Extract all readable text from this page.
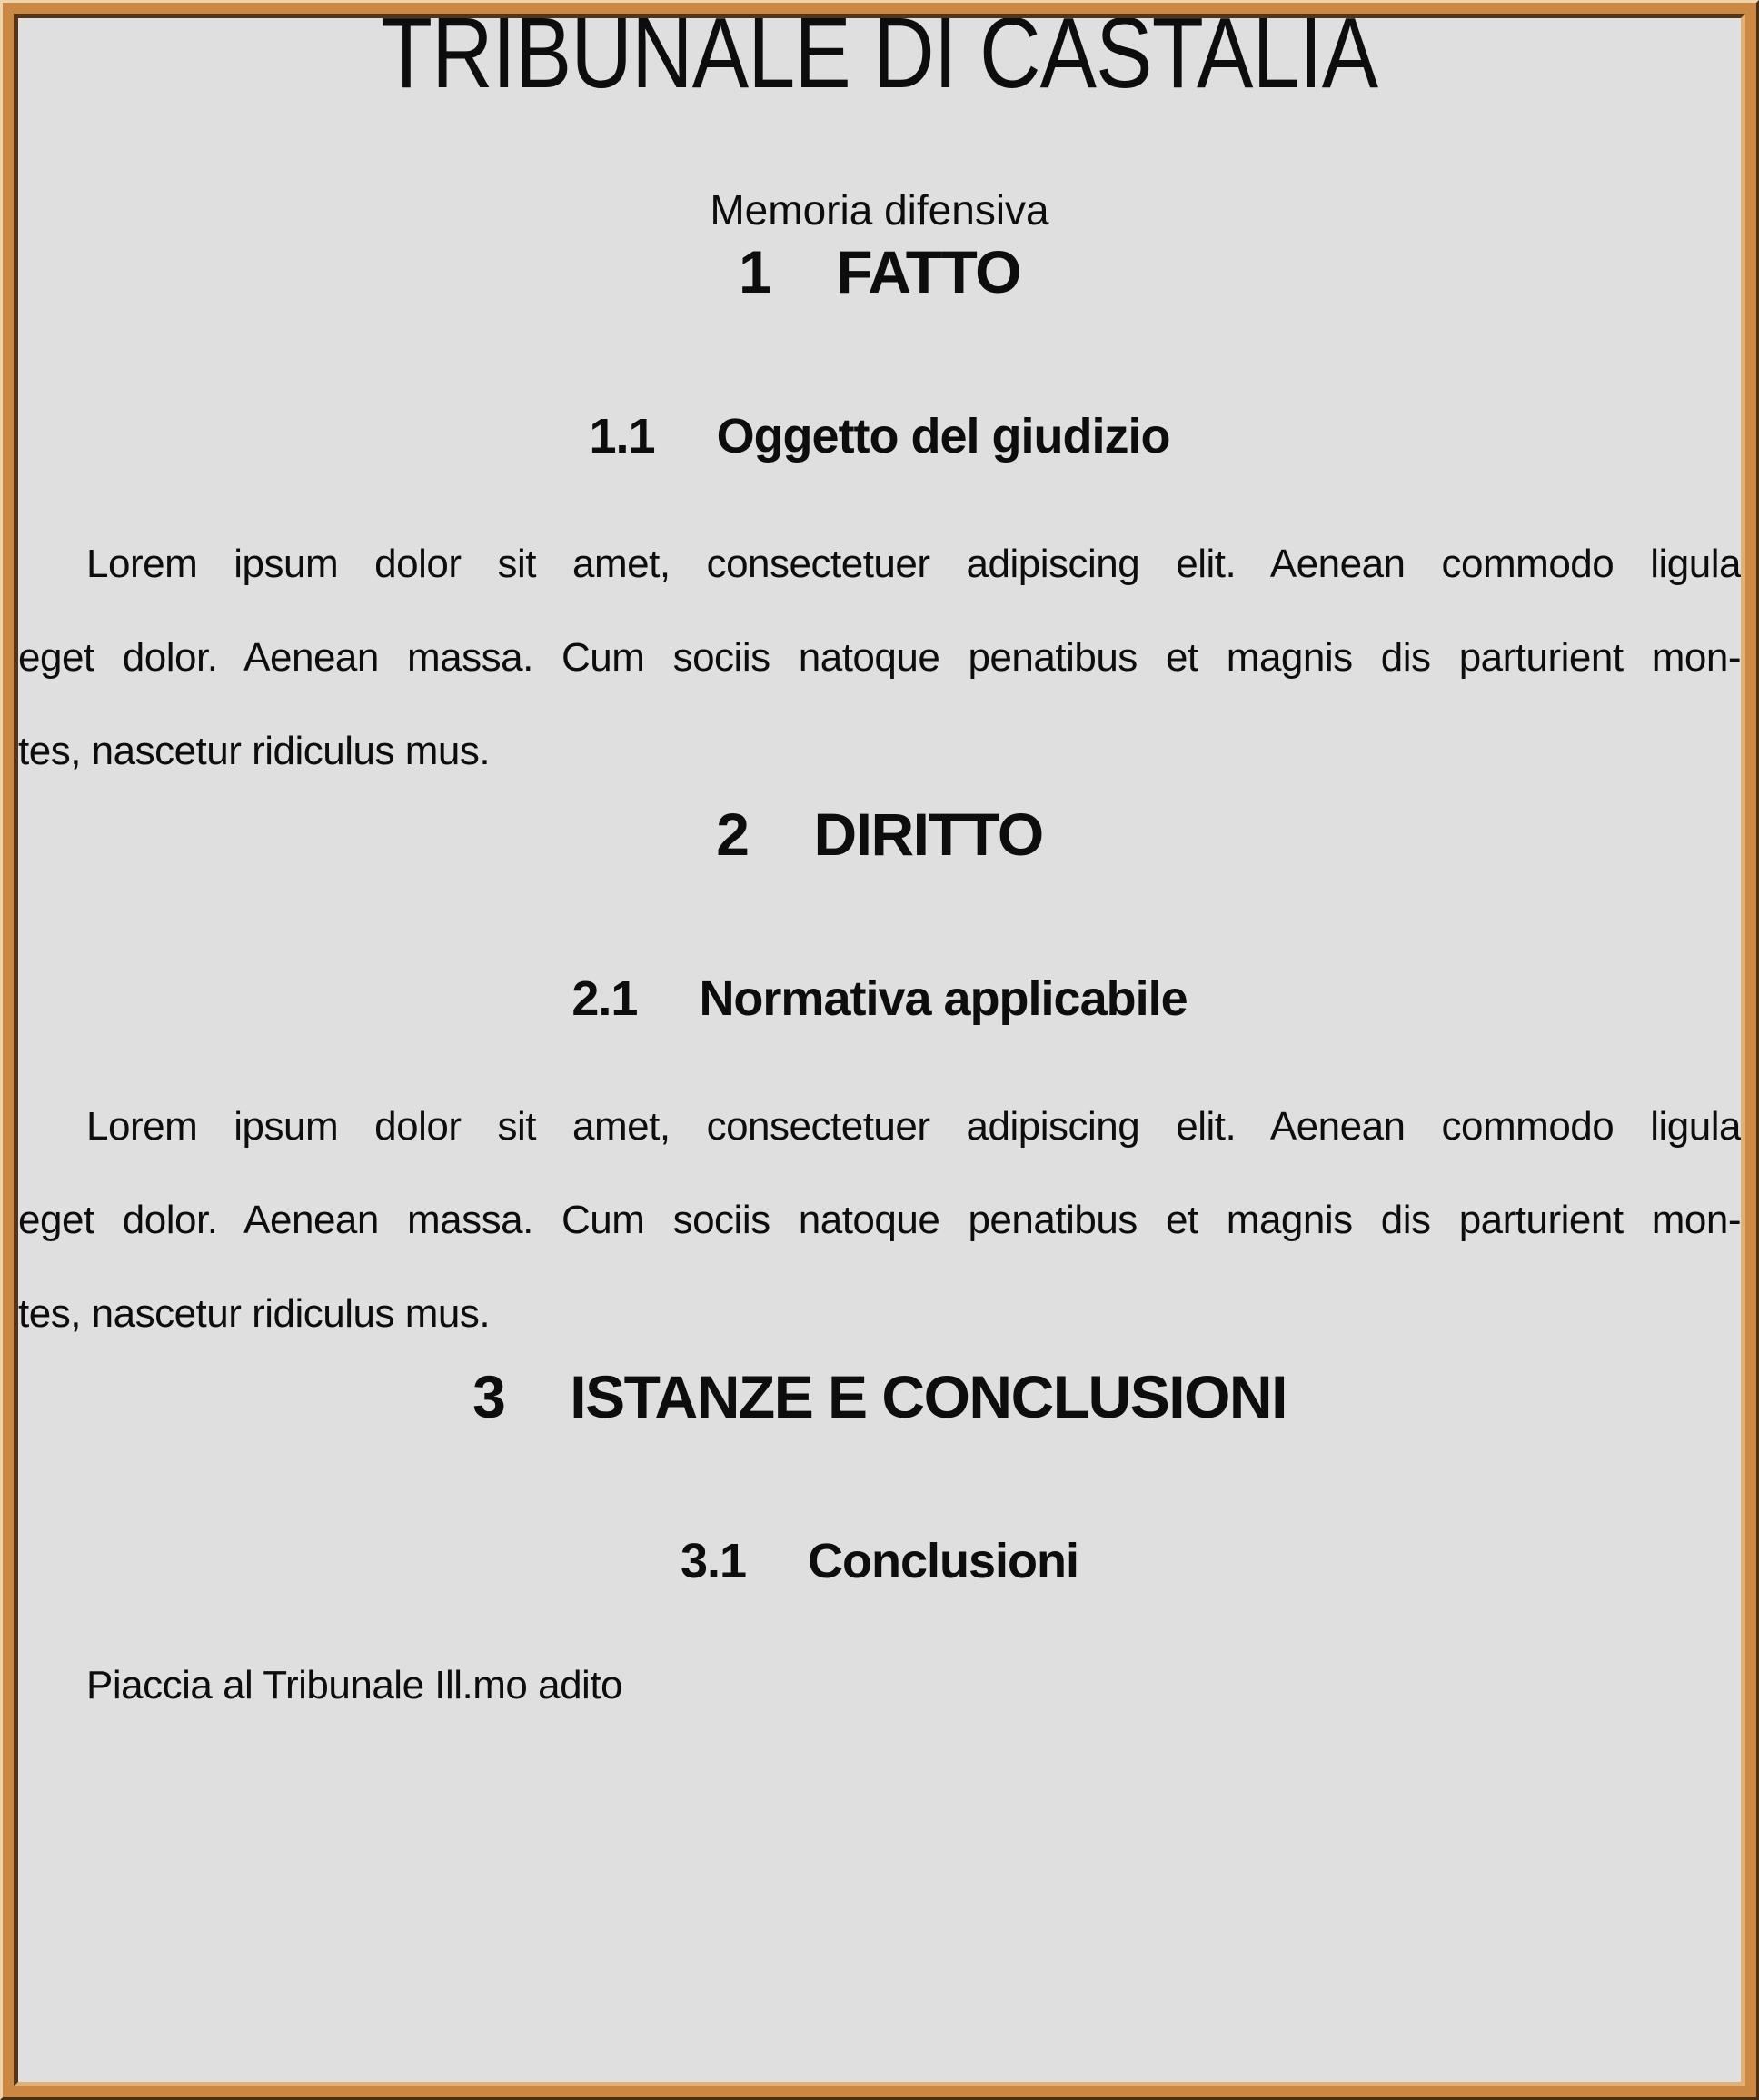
TRIBUNALE DI CASTALIA
Memoria difensiva
1 FATTO
1.1 Oggetto del giudizio
Lorem ipsum dolor sit amet, consectetuer adipiscing elit. Aenean commodo ligula
eget dolor. Aenean massa. Cum sociis natoque penatibus et magnis dis parturient mon-
tes, nascetur ridiculus mus.
2 DIRITTO
2.1 Normativa applicabile
Lorem ipsum dolor sit amet, consectetuer adipiscing elit. Aenean commodo ligula
eget dolor. Aenean massa. Cum sociis natoque penatibus et magnis dis parturient mon-
tes, nascetur ridiculus mus.
3 ISTANZE E CONCLUSIONI
3.1 Conclusioni
Piaccia al Tribunale Ill.mo adito
